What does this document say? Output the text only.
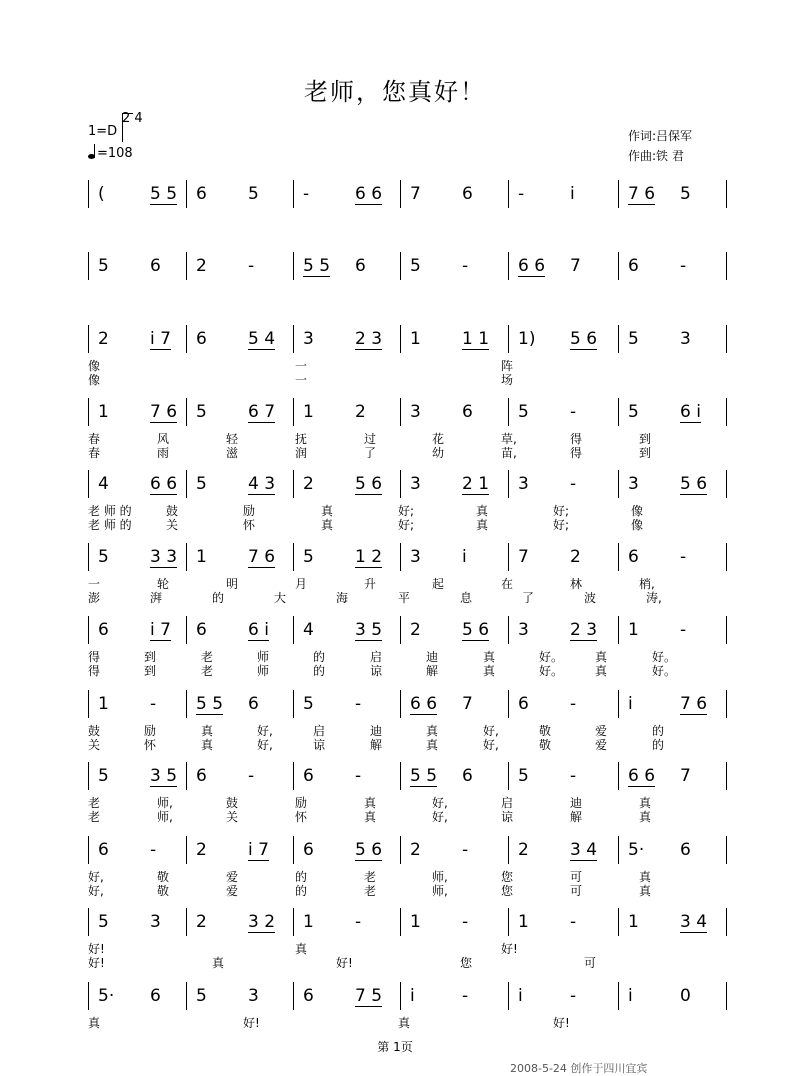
老师，您真好！
1=D
2 4
=108
作词:吕保军
作曲:铁 君
(	5 5 6 5	-	6 6 7 6	-	i	7 6 5
5 6 2 -	5 5 6	5 -	6 6 7	6 -
2 i 7 6 5 4 3 2 3 1 1 1 1) 5 6 5 3
像	一	阵
像	一	场
1 7 6 5 6 7 1 2	3 6	5 -	5 6 i
春	风	轻	抚	过	花	草,	得	到
春	雨	滋	润	了	幼	苗,	得	到
4 6 6 5 4 3 2 5 6 3 2 1 3 -	3 5 6
老 师 的	鼓	励	真	好;	真	好;	像
老 师 的	关	怀	真	好;	真	好;	像
5 3 3 1 7 6 5 1 2 3 i	7 2	6 -
一	轮	明	月	升	起	在	林	梢,
澎	湃	的	大	海	平	息	了	波	涛,
6 i 7 6 6 i 4 3 5 2 5 6 3 2 3 1 -
得	到	老	师	的	启	迪	真	好。	真	好。
得	到	老	师	的	谅	解	真	好。	真	好。
1 - 5 5 6	5 -	6 6 7	6 -	i	7 6
鼓	励	真	好,	启	迪	真	好,	敬	爱	的
关	怀	真	好,	谅	解	真	好,	敬	爱	的
5 3 5 6 -	6 -	5 5 6	5 -	6 6 7
老	师,	鼓	励	真	好,	启	迪	真
老	师,	关	怀	真	好,	谅	解	真
6 - 2 i 7 6 5 6 2 -	2 3 4 5· 6
好,	敬	爱	的	老	师,	您	可	真
好,	敬	爱	的	老	师,	您	可	真
5 3 2 3 2 1 -	1 -	1 -	1 3 4
好!	真	好!
好!	真	好!	您	可
5· 6 5 3	6 7 5 i	-	i	-	i	0
真	好!	真	好!
第 1页
2008-5-24 创作于四川宜宾
